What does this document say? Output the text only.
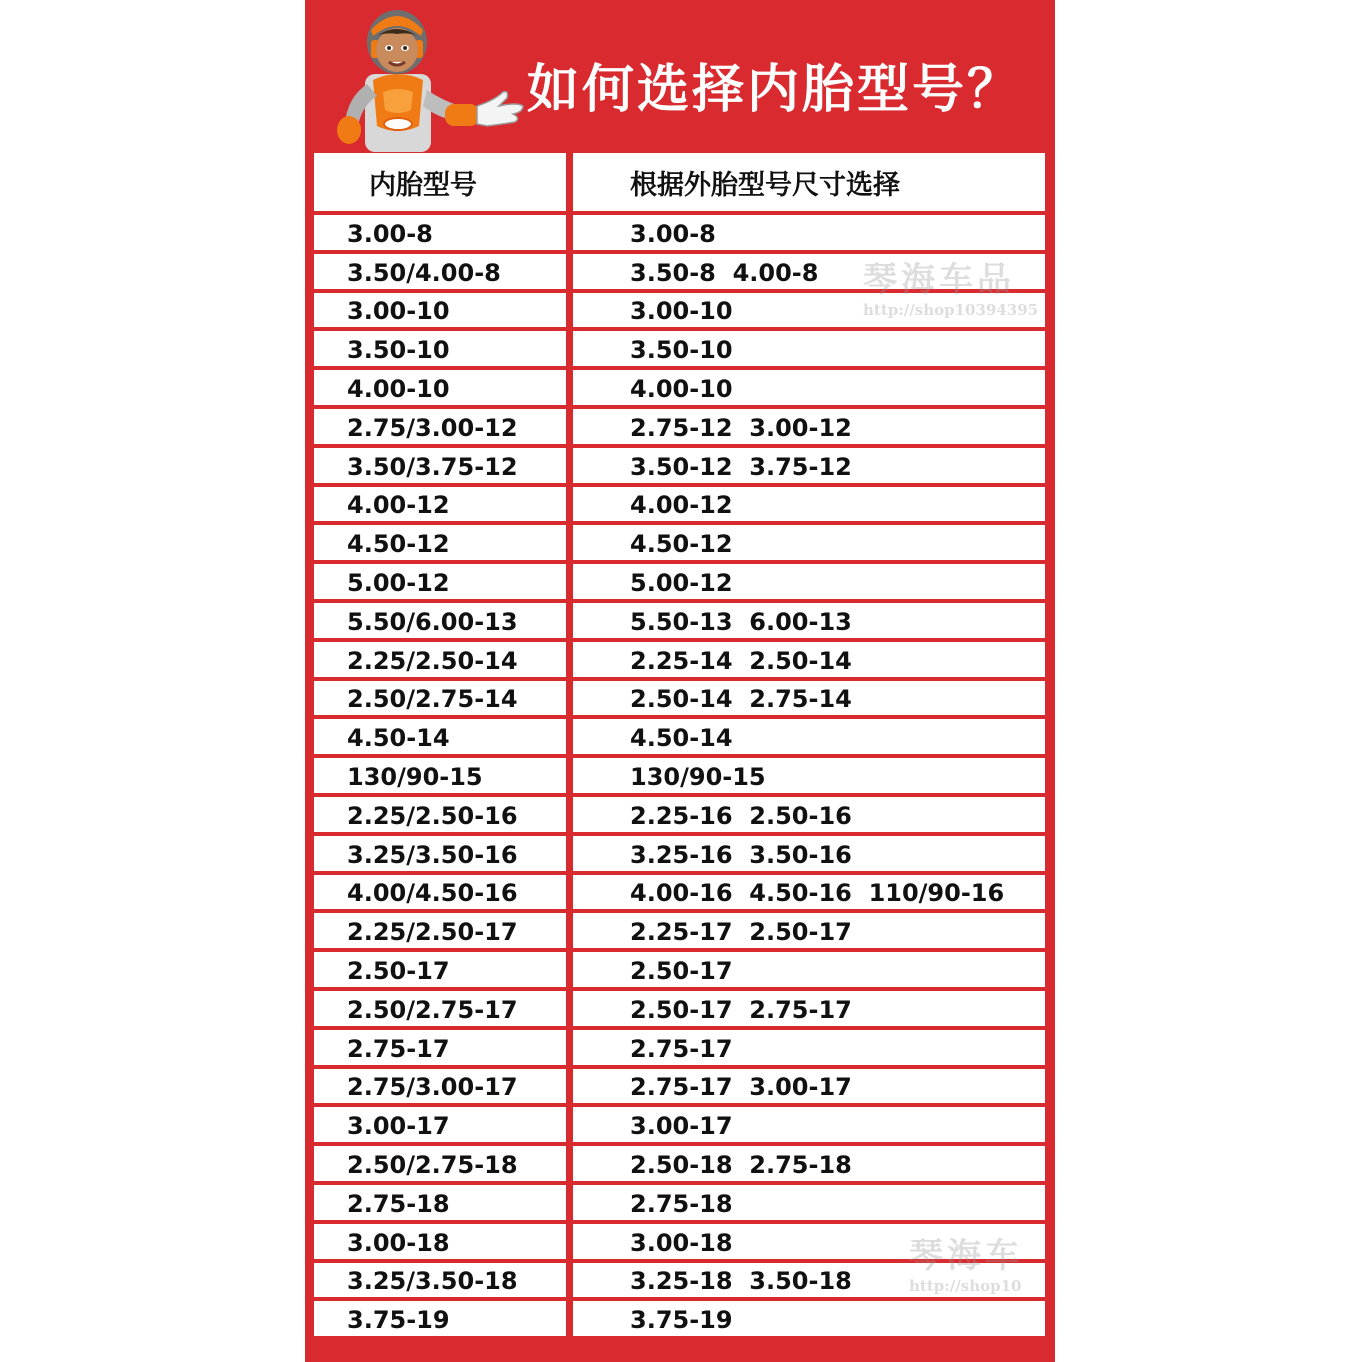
如何选择内胎型号？
内胎型号	根据外胎型号尺寸选择
3.00-8	3.00-8
3.50/4.00-8	3.50-8  4.00-8
3.00-10	3.00-10
3.50-10	3.50-10
4.00-10	4.00-10
2.75/3.00-12	2.75-12  3.00-12
3.50/3.75-12	3.50-12  3.75-12
4.00-12	4.00-12
4.50-12	4.50-12
5.00-12	5.00-12
5.50/6.00-13	5.50-13  6.00-13
2.25/2.50-14	2.25-14  2.50-14
2.50/2.75-14	2.50-14  2.75-14
4.50-14	4.50-14
130/90-15	130/90-15
2.25/2.50-16	2.25-16  2.50-16
3.25/3.50-16	3.25-16  3.50-16
4.00/4.50-16	4.00-16  4.50-16  110/90-16
2.25/2.50-17	2.25-17  2.50-17
2.50-17	2.50-17
2.50/2.75-17	2.50-17  2.75-17
2.75-17	2.75-17
2.75/3.00-17	2.75-17  3.00-17
3.00-17	3.00-17
2.50/2.75-18	2.50-18  2.75-18
2.75-18	2.75-18
3.00-18	3.00-18
3.25/3.50-18	3.25-18  3.50-18
3.75-19	3.75-19
琴海车品
http://shop10394395
琴海车
http://shop10
